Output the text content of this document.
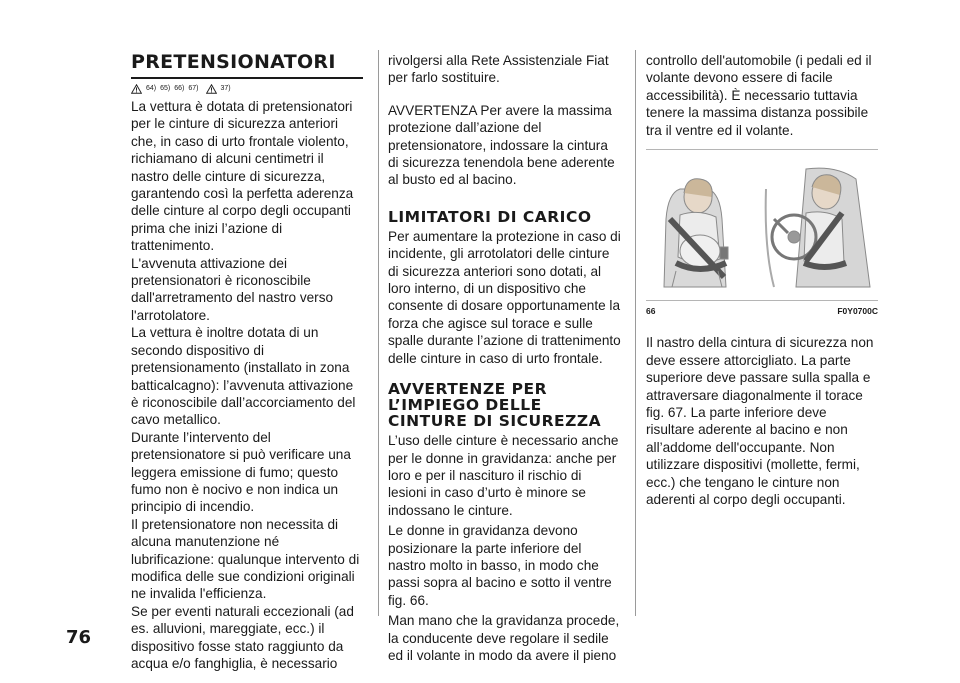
PRETENSIONATORI
64) 65) 66) 67)	37)

La vettura è dotata di pretensionatori per le cinture di sicurezza anteriori che, in caso di urto frontale violento, richiamano di alcuni centimetri il nastro delle cinture di sicurezza, garantendo così la perfetta aderenza delle cinture al corpo degli occupanti prima che inizi l’azione di trattenimento.

L'avvenuta attivazione dei pretensionatori è riconoscibile dall'arretramento del nastro verso l'arrotolatore.

La vettura è inoltre dotata di un secondo dispositivo di pretensionamento (installato in zona batticalcagno): l’avvenuta attivazione è riconoscibile dall’accorciamento del cavo metallico.

Durante l’intervento del pretensionatore si può verificare una leggera emissione di fumo; questo fumo non è nocivo e non indica un principio di incendio.

Il pretensionatore non necessita di alcuna manutenzione né lubrificazione: qualunque intervento di modifica delle sue condizioni originali ne invalida l'efficienza.

Se per eventi naturali eccezionali (ad es. alluvioni, mareggiate, ecc.) il dispositivo fosse stato raggiunto da acqua e/o fanghiglia, è necessario

rivolgersi alla Rete Assistenziale Fiat per farlo sostituire.

AVVERTENZA Per avere la massima protezione dall’azione del pretensionatore, indossare la cintura di sicurezza tenendola bene aderente al busto ed al bacino.

LIMITATORI DI CARICO

Per aumentare la protezione in caso di incidente, gli arrotolatori delle cinture di sicurezza anteriori sono dotati, al loro interno, di un dispositivo che consente di dosare opportunamente la forza che agisce sul torace e sulle spalle durante l’azione di trattenimento delle cinture in caso di urto frontale.

AVVERTENZE PER L’IMPIEGO DELLE CINTURE DI SICUREZZA

L’uso delle cinture è necessario anche per le donne in gravidanza: anche per loro e per il nascituro il rischio di lesioni in caso d’urto è minore se indossano le cinture.

Le donne in gravidanza devono posizionare la parte inferiore del nastro molto in basso, in modo che passi sopra al bacino e sotto il ventre fig. 66.

Man mano che la gravidanza procede, la conducente deve regolare il sedile ed il volante in modo da avere il pieno

controllo dell'automobile (i pedali ed il volante devono essere di facile accessibilità). È necessario tuttavia tenere la massima distanza possibile tra il ventre ed il volante.

66	F0Y0700C

Il nastro della cintura di sicurezza non deve essere attorcigliato. La parte superiore deve passare sulla spalla e attraversare diagonalmente il torace fig. 67. La parte inferiore deve risultare aderente al bacino e non all’addome dell'occupante. Non utilizzare dispositivi (mollette, fermi, ecc.) che tengano le cinture non aderenti al corpo degli occupanti.

76
